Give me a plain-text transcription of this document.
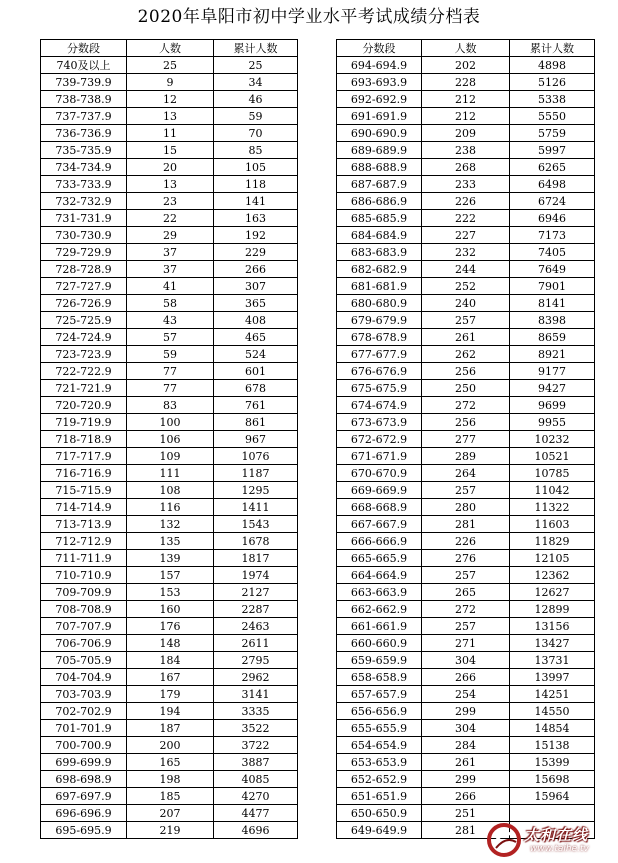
2020年阜阳市初中学业水平考试成绩分档表
分数段	人数	累计人数
740及以上	25	25
739-739.9	9	34
738-738.9	12	46
737-737.9	13	59
736-736.9	11	70
735-735.9	15	85
734-734.9	20	105
733-733.9	13	118
732-732.9	23	141
731-731.9	22	163
730-730.9	29	192
729-729.9	37	229
728-728.9	37	266
727-727.9	41	307
726-726.9	58	365
725-725.9	43	408
724-724.9	57	465
723-723.9	59	524
722-722.9	77	601
721-721.9	77	678
720-720.9	83	761
719-719.9	100	861
718-718.9	106	967
717-717.9	109	1076
716-716.9	111	1187
715-715.9	108	1295
714-714.9	116	1411
713-713.9	132	1543
712-712.9	135	1678
711-711.9	139	1817
710-710.9	157	1974
709-709.9	153	2127
708-708.9	160	2287
707-707.9	176	2463
706-706.9	148	2611
705-705.9	184	2795
704-704.9	167	2962
703-703.9	179	3141
702-702.9	194	3335
701-701.9	187	3522
700-700.9	200	3722
699-699.9	165	3887
698-698.9	198	4085
697-697.9	185	4270
696-696.9	207	4477
695-695.9	219	4696
分数段	人数	累计人数
694-694.9	202	4898
693-693.9	228	5126
692-692.9	212	5338
691-691.9	212	5550
690-690.9	209	5759
689-689.9	238	5997
688-688.9	268	6265
687-687.9	233	6498
686-686.9	226	6724
685-685.9	222	6946
684-684.9	227	7173
683-683.9	232	7405
682-682.9	244	7649
681-681.9	252	7901
680-680.9	240	8141
679-679.9	257	8398
678-678.9	261	8659
677-677.9	262	8921
676-676.9	256	9177
675-675.9	250	9427
674-674.9	272	9699
673-673.9	256	9955
672-672.9	277	10232
671-671.9	289	10521
670-670.9	264	10785
669-669.9	257	11042
668-668.9	280	11322
667-667.9	281	11603
666-666.9	226	11829
665-665.9	276	12105
664-664.9	257	12362
663-663.9	265	12627
662-662.9	272	12899
661-661.9	257	13156
660-660.9	271	13427
659-659.9	304	13731
658-658.9	266	13997
657-657.9	254	14251
656-656.9	299	14550
655-655.9	304	14854
654-654.9	284	15138
653-653.9	261	15399
652-652.9	299	15698
651-651.9	266	15964
650-650.9	251	
649-649.9	281		太和在线
www.taihe.tv
